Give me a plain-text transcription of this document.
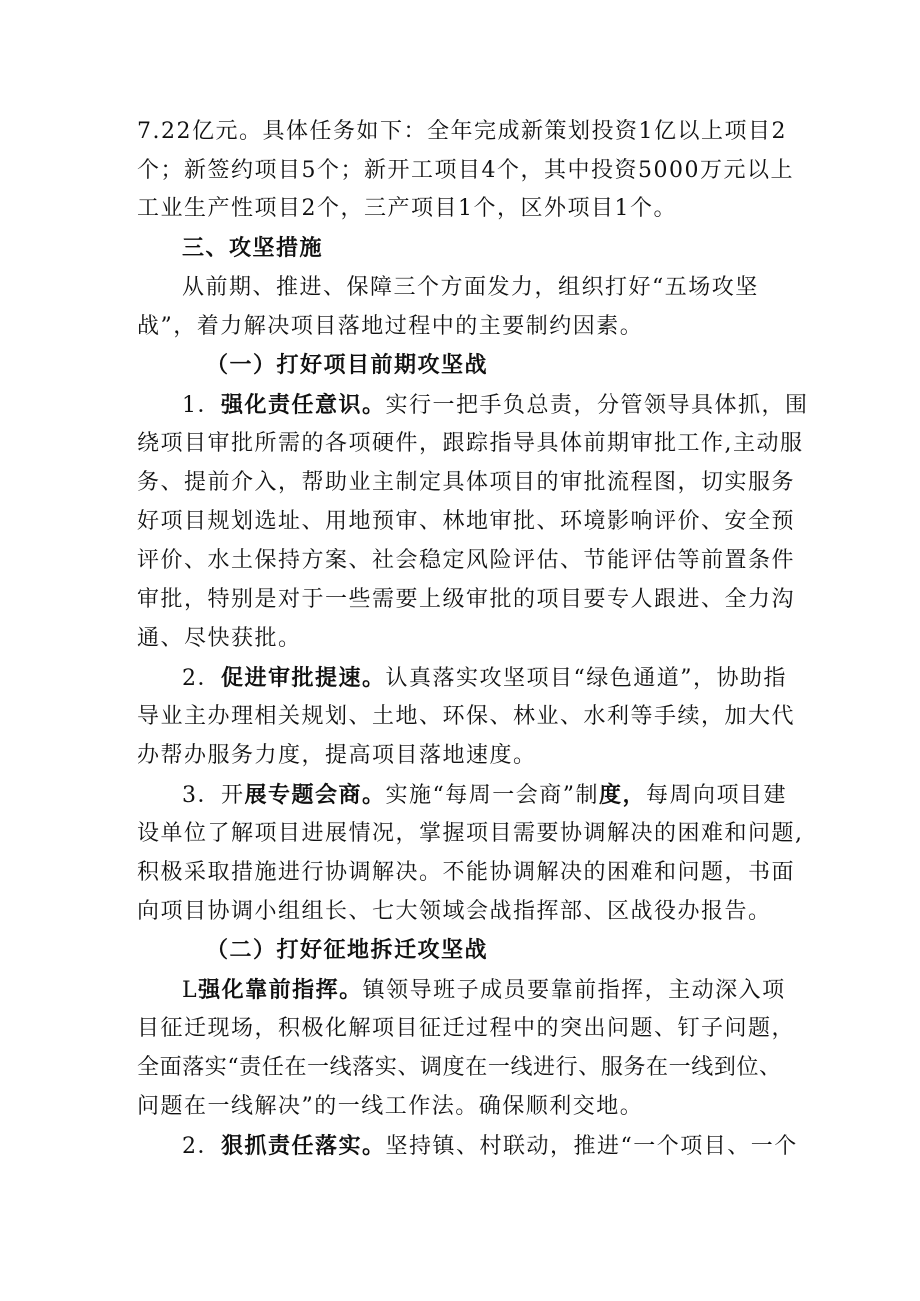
7.22亿元。具体任务如下：全年完成新策划投资1亿以上项目2
个；新签约项目5个；新开工项目4个，其中投资5000万元以上
工业生产性项目2个，三产项目1个，区外项目1个。
三、攻坚措施
从前期、推进、保障三个方面发力，组织打好“五场攻坚
战”，着力解决项目落地过程中的主要制约因素。
（一）打好项目前期攻坚战
1．强化责任意识。实行一把手负总责，分管领导具体抓，围
绕项目审批所需的各项硬件，跟踪指导具体前期审批工作,主动服
务、提前介入，帮助业主制定具体项目的审批流程图，切实服务
好项目规划选址、用地预审、林地审批、环境影响评价、安全预
评价、水土保持方案、社会稳定风险评估、节能评估等前置条件
审批，特别是对于一些需要上级审批的项目要专人跟进、全力沟
通、尽快获批。
2．促进审批提速。认真落实攻坚项目“绿色通道”，协助指
导业主办理相关规划、土地、环保、林业、水利等手续，加大代
办帮办服务力度，提高项目落地速度。
3．开展专题会商。实施“每周一会商”制度，每周向项目建
设单位了解项目进展情况，掌握项目需要协调解决的困难和问题,
积极采取措施进行协调解决。不能协调解决的困难和问题，书面
向项目协调小组组长、七大领域会战指挥部、区战役办报告。
（二）打好征地拆迁攻坚战
L强化靠前指挥。镇领导班子成员要靠前指挥，主动深入项
目征迁现场，积极化解项目征迁过程中的突出问题、钉子问题，
全面落实“责任在一线落实、调度在一线进行、服务在一线到位、
问题在一线解决”的一线工作法。确保顺利交地。
2．狠抓责任落实。坚持镇、村联动，推进“一个项目、一个
